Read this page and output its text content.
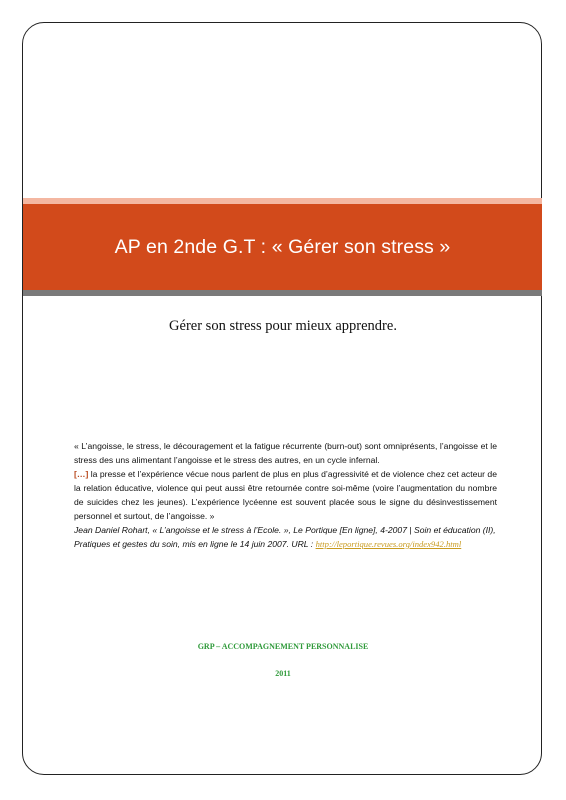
AP en 2nde G.T : « Gérer son stress »
Gérer son stress pour mieux apprendre.

« L’angoisse, le stress, le découragement et la fatigue récurrente (burn-out) sont omniprésents, l’angoisse et le stress des uns alimentant l’angoisse et le stress des autres, en un cycle infernal.

[…] la presse et l’expérience vécue nous parlent de plus en plus d’agressivité et de violence chez cet acteur de la relation éducative, violence qui peut aussi être retournée contre soi-même (voire l’augmentation du nombre de suicides chez les jeunes). L’expérience lycéenne est souvent placée sous le signe du désinvestissement personnel et surtout, de l’angoisse. »

Jean Daniel Rohart, « L’angoisse et le stress à l’Ecole. », Le Portique [En ligne], 4-2007 | Soin et éducation (II),

Pratiques et gestes du soin, mis en ligne le 14 juin 2007. URL : http://leportique.revues.org/index942.html

GRP – ACCOMPAGNEMENT PERSONNALISE
2011
